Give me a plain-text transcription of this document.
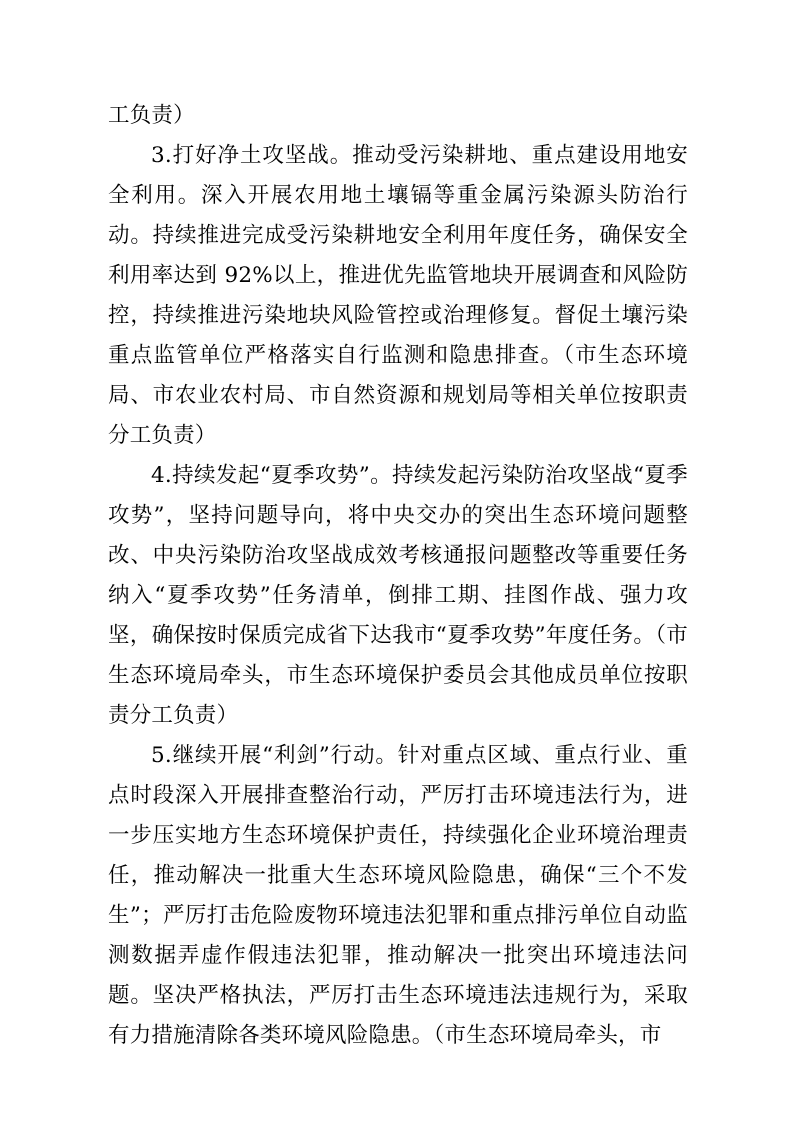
工负责）

3.打好净土攻坚战。推动受污染耕地、重点建设用地安全利用。深入开展农用地土壤镉等重金属污染源头防治行动。持续推进完成受污染耕地安全利用年度任务，确保安全利用率达到 92%以上，推进优先监管地块开展调查和风险防控，持续推进污染地块风险管控或治理修复。督促土壤污染重点监管单位严格落实自行监测和隐患排查。（市生态环境局、市农业农村局、市自然资源和规划局等相关单位按职责分工负责）

4.持续发起“夏季攻势”。持续发起污染防治攻坚战“夏季攻势”，坚持问题导向，将中央交办的突出生态环境问题整改、中央污染防治攻坚战成效考核通报问题整改等重要任务纳入“夏季攻势”任务清单，倒排工期、挂图作战、强力攻坚，确保按时保质完成省下达我市“夏季攻势”年度任务。（市生态环境局牵头，市生态环境保护委员会其他成员单位按职责分工负责）

5.继续开展“利剑”行动。针对重点区域、重点行业、重点时段深入开展排查整治行动，严厉打击环境违法行为，进一步压实地方生态环境保护责任，持续强化企业环境治理责任，推动解决一批重大生态环境风险隐患，确保“三个不发生”；严厉打击危险废物环境违法犯罪和重点排污单位自动监测数据弄虚作假违法犯罪，推动解决一批突出环境违法问题。坚决严格执法，严厉打击生态环境违法违规行为，采取有力措施清除各类环境风险隐患。（市生态环境局牵头，市
